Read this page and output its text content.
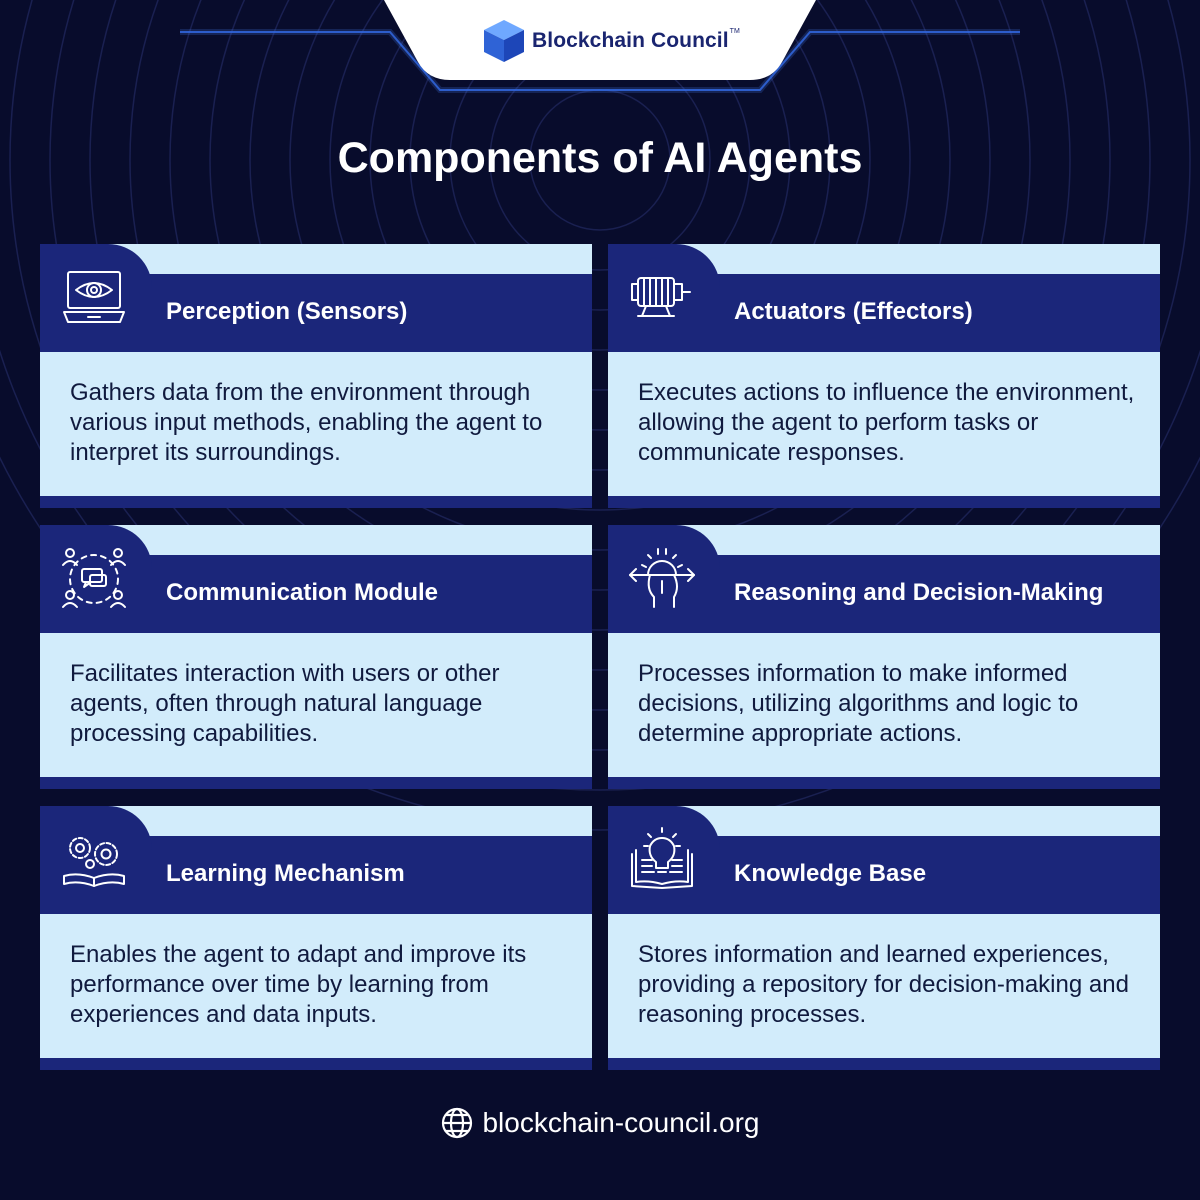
Blockchain Council TM
Components of AI Agents
Perception (Sensors)

Gathers data from the environment through various input methods, enabling the agent to interpret its surroundings.

Actuators (Effectors)

Executes actions to influence the environment, allowing the agent to perform tasks or communicate responses.

Communication Module

Facilitates interaction with users or other agents, often through natural language processing capabilities.

Reasoning and Decision-Making

Processes information to make informed decisions, utilizing algorithms and logic to determine appropriate actions.

Learning Mechanism

Enables the agent to adapt and improve its performance over time by learning from experiences and data inputs.

Knowledge Base

Stores information and learned experiences, providing a repository for decision-making and reasoning processes.

blockchain-council.org
